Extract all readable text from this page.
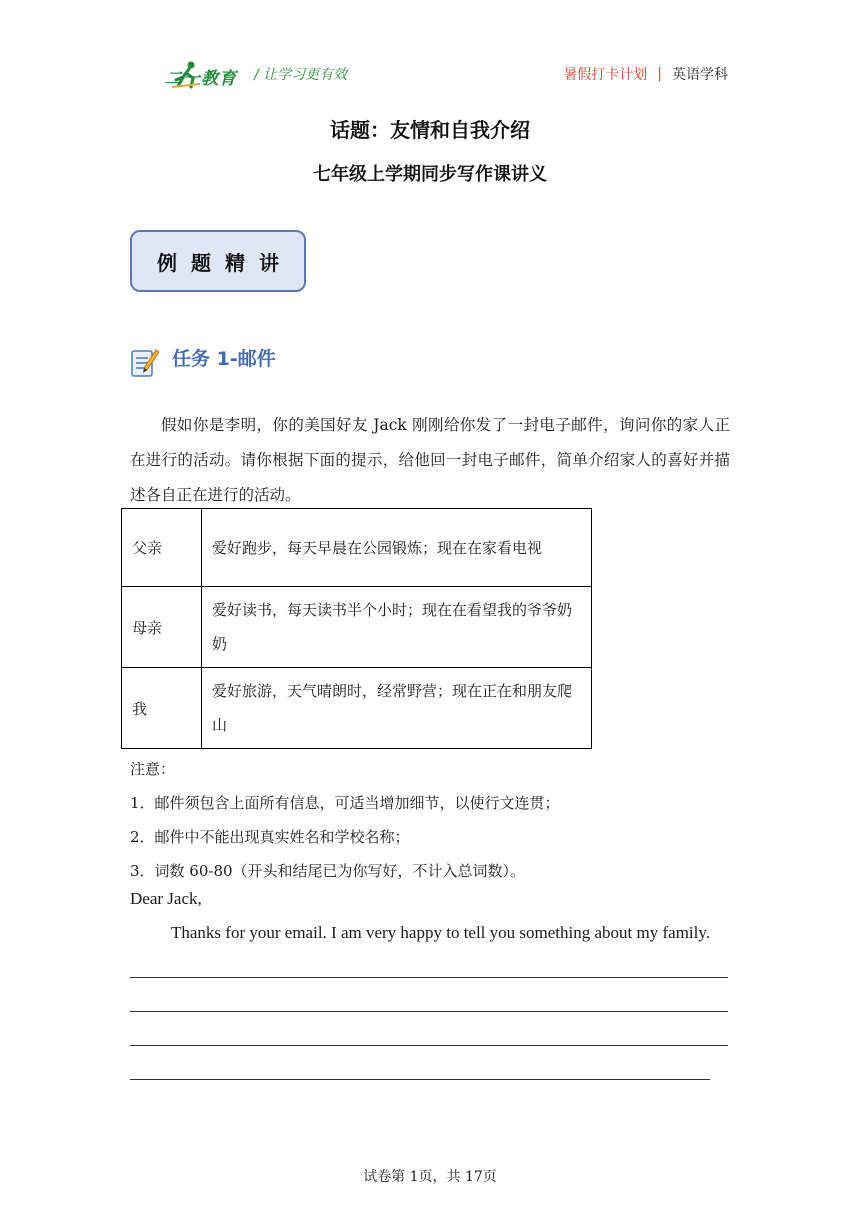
二一教育 / 让学习更有效	暑假打卡计划 | 英语学科
话题：友情和自我介绍
七年级上学期同步写作课讲义
例题精讲
任务 1-邮件
假如你是李明，你的美国好友 Jack 刚刚给你发了一封电子邮件，询问你的家人正在进行的活动。请你根据下面的提示，给他回一封电子邮件，简单介绍家人的喜好并描述各自正在进行的活动。
父亲	爱好跑步，每天早晨在公园锻炼；现在在家看电视
母亲	爱好读书，每天读书半个小时；现在在看望我的爷爷奶奶
我	爱好旅游，天气晴朗时，经常野营；现在正在和朋友爬山
注意：
1．邮件须包含上面所有信息，可适当增加细节，以使行文连贯；
2．邮件中不能出现真实姓名和学校名称；
3．词数 60-80（开头和结尾已为你写好，不计入总词数）。
Dear Jack,
Thanks for your email. I am very happy to tell you something about my family.
试卷第 1页，共 17页
